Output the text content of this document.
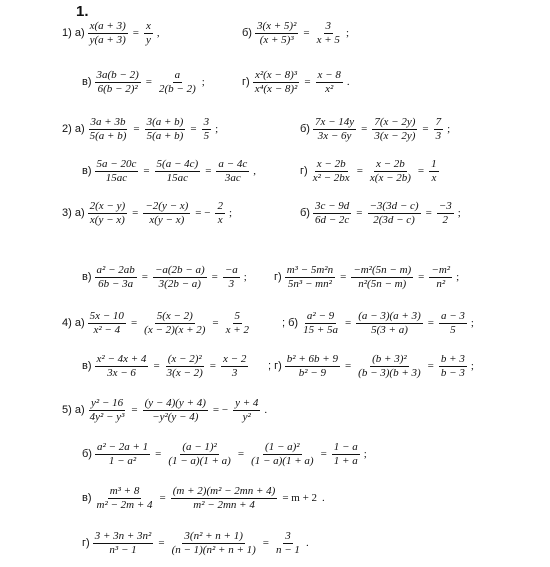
1.
1) $а) \frac{x(a + 3)}{y(a + 3)} = \frac{x}{y}$ ,	$б) \frac{\text{3(x + 5)²}}{\text{(x + 5)³}} = \frac{3}{x + 5}$ ;
$в) \frac{3a(b - 2)}{\text{6(b − 2)²}} = \frac{a}{2(b - 2)}$ ;	$г) \frac{\text{x²(x − 8)³}}{\text{x⁴(x − 8)²}} = \frac{x - 8}{\text{x²}}$ .
2) $а) \frac{3a + 3b}{5(a + b)} = \frac{3(a + b)}{5(a + b)} = \frac{3}{5}$ ;	$б) \frac{7x - 14y}{3x - 6y} = \frac{7(x - 2y)}{3(x - 2y)} = \frac{7}{3}$ ;
$в) \frac{5a - 20c}{15ac} = \frac{5(a - 4c)}{15ac} = \frac{a - 4c}{3ac}$ ,	$г) \frac{x - 2b}{\text{x² − 2bx}} = \frac{x - 2b}{x(x - 2b)} = \frac{1}{x}$
3) $а) \frac{2(x - y)}{x(y - x)} = \frac{-2(y - x)}{x(y - x)}$ = − $\frac{2}{x}$ ;	$б) \frac{3c - 9d}{6d - 2c} = \frac{-3(3d - c)}{2(3d - c)} = \frac{-3}{2}$ ;
$в) \frac{\text{a² − 2ab}}{6b - 3a} = \frac{-a(2b - a)}{3(2b - a)} = \frac{-a}{3}$ ; $г) \frac{\text{m³ − 5m²n}}{\text{5n³ − mn²}} = \frac{\text{−m²(5n − m)}}{\text{n²(5n − m)}} = \frac{\text{−m²}}{\text{n²}}$ ;
4) $а) \frac{5x - 10}{\text{x² − 4}} = \frac{5(x - 2)}{(x - 2)(x + 2)} = \frac{5}{x + 2}$	; $б) \frac{\text{a² − 9}}{15 + 5a} = \frac{(a - 3)(a + 3)}{5(3 + a)} = \frac{a - 3}{5}$ ;
$в) \frac{\text{x² − 4x + 4}}{3x - 6} = \frac{\text{(x − 2)²}}{3(x - 2)} = \frac{x - 2}{3}$ ; $г) \frac{\text{b² + 6b + 9}}{\text{b² − 9}} = \frac{\text{(b + 3)²}}{(b - 3)(b + 3)} = \frac{b + 3}{b - 3}$ ;
5) $а) \frac{\text{y² − 16}}{\text{4y² − y³}} = \frac{(y - 4)(y + 4)}{\text{−y²(y − 4)}}$ = − $\frac{y + 4}{\text{y²}}$ .
$б) \frac{\text{a² − 2a + 1}}{\text{1 − a²}} = \frac{\text{(a − 1)²}}{(1 - a)(1 + a)} = \frac{\text{(1 − a)²}}{(1 - a)(1 + a)} = \frac{1 - a}{1 + a}$ ;
$в) \frac{\text{m³ + 8}}{\text{m² − 2m + 4}} = \frac{\text{(m + 2)(m² − 2mn + 4)}}{\text{m² − 2mn + 4}} = m + 2$ .
$г) \frac{\text{3 + 3n + 3n²}}{\text{n³ − 1}} = \frac{\text{3(n² + n + 1)}}{\text{(n − 1)(n² + n + 1)}} = \frac{3}{n - 1}$ .
